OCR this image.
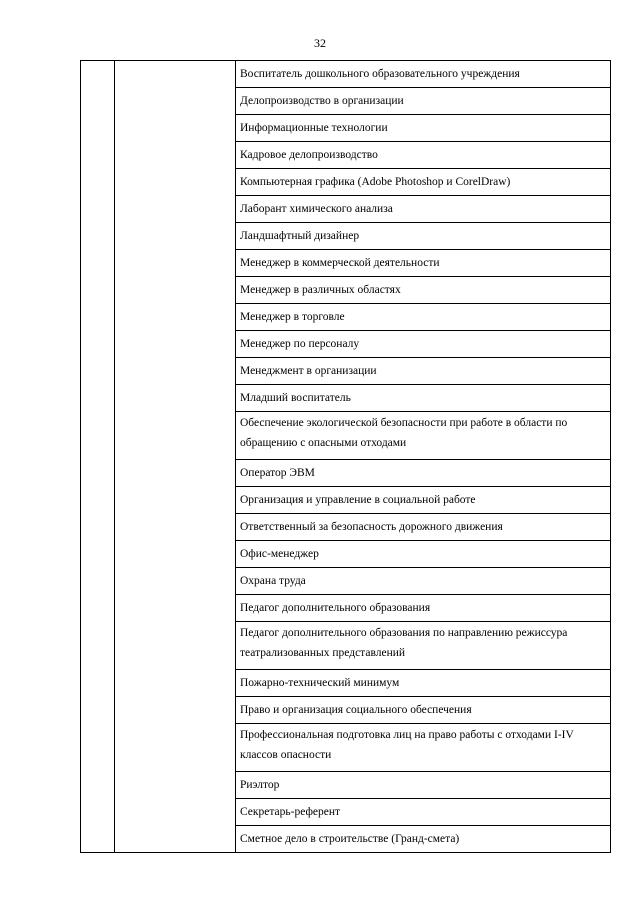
32

Воспитатель дошкольного образовательного учреждения

Делопроизводство в организации

Информационные технологии

Кадровое делопроизводство

Компьютерная графика (Adobe Photoshop и CorelDraw)

Лаборант химического анализа

Ландшафтный дизайнер

Менеджер в коммерческой деятельности

Менеджер в различных областях

Менеджер в торговле

Менеджер по персоналу

Менеджмент в организации

Младший воспитатель

Обеспечение экологической безопасности при работе в области по обращению с опасными отходами

Оператор ЭВМ

Организация и управление в социальной работе

Ответственный за безопасность дорожного движения

Офис-менеджер

Охрана труда

Педагог дополнительного образования

Педагог дополнительного образования по направлению режиссура театрализованных представлений

Пожарно-технический минимум

Право и организация социального обеспечения

Профессиональная подготовка лиц на право работы с отходами I-IV классов опасности

Риэлтор

Секретарь-референт

Сметное дело в строительстве (Гранд-смета)
